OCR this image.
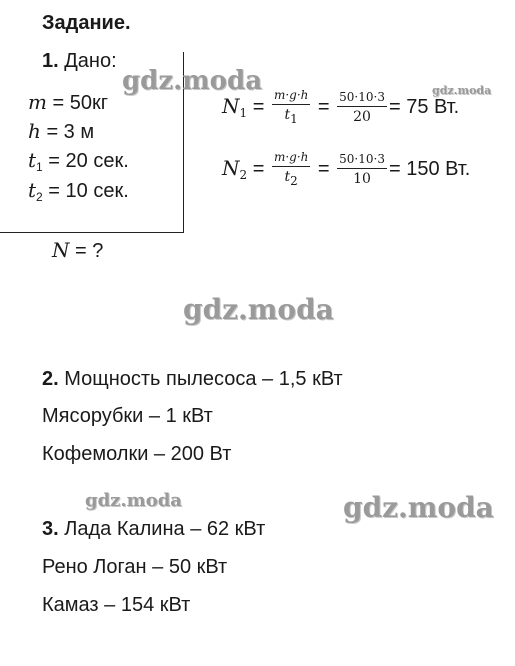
Задание.
1. Дано:
m = 50кг
h = 3 м
$t_1 = 20$ сек.
$t_2 = 10$ сек.
N = ?
$N_1 = \frac{m\cdot g\cdot h}{t1} = \frac{50\cdot 10\cdot 3}{20} = 75$ Вт.
$N_2 = \frac{m\cdot g\cdot h}{t2} = \frac{50\cdot 10\cdot 3}{10} = 150$ Вт.
2. Мощность пылесоса – 1,5 кВт
Мясорубки – 1 кВт
Кофемолки – 200 Вт
3. Лада Калина – 62 кВт
Рено Логан – 50 кВт
Камаз – 154 кВт
gdz.moda	gdz.moda
gdz.moda
gdz.moda	gdz.moda
